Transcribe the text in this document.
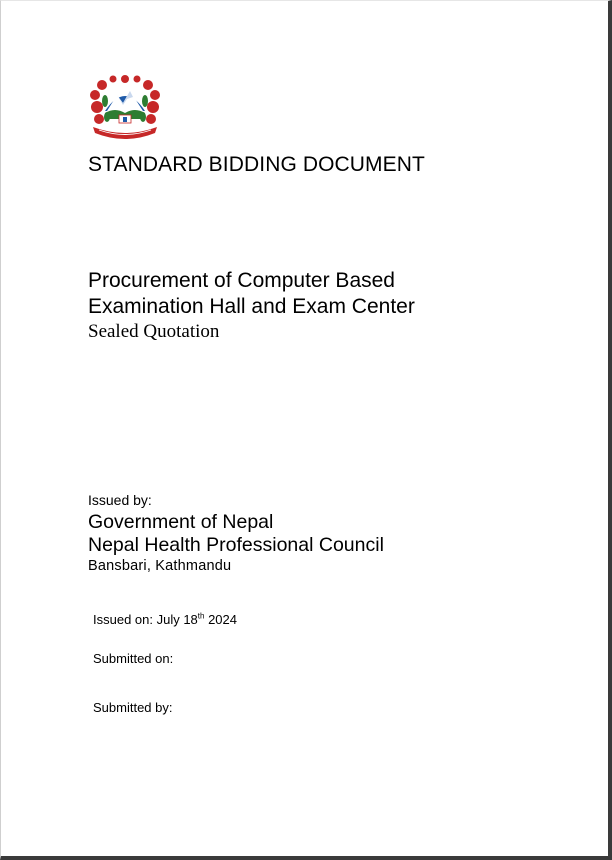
STANDARD BIDDING DOCUMENT
Procurement of Computer Based
Examination Hall and Exam Center
Sealed Quotation
Issued by:
Government of Nepal
Nepal Health Professional Council
Bansbari, Kathmandu
Issued on: July 18th 2024
Submitted on:
Submitted by:
